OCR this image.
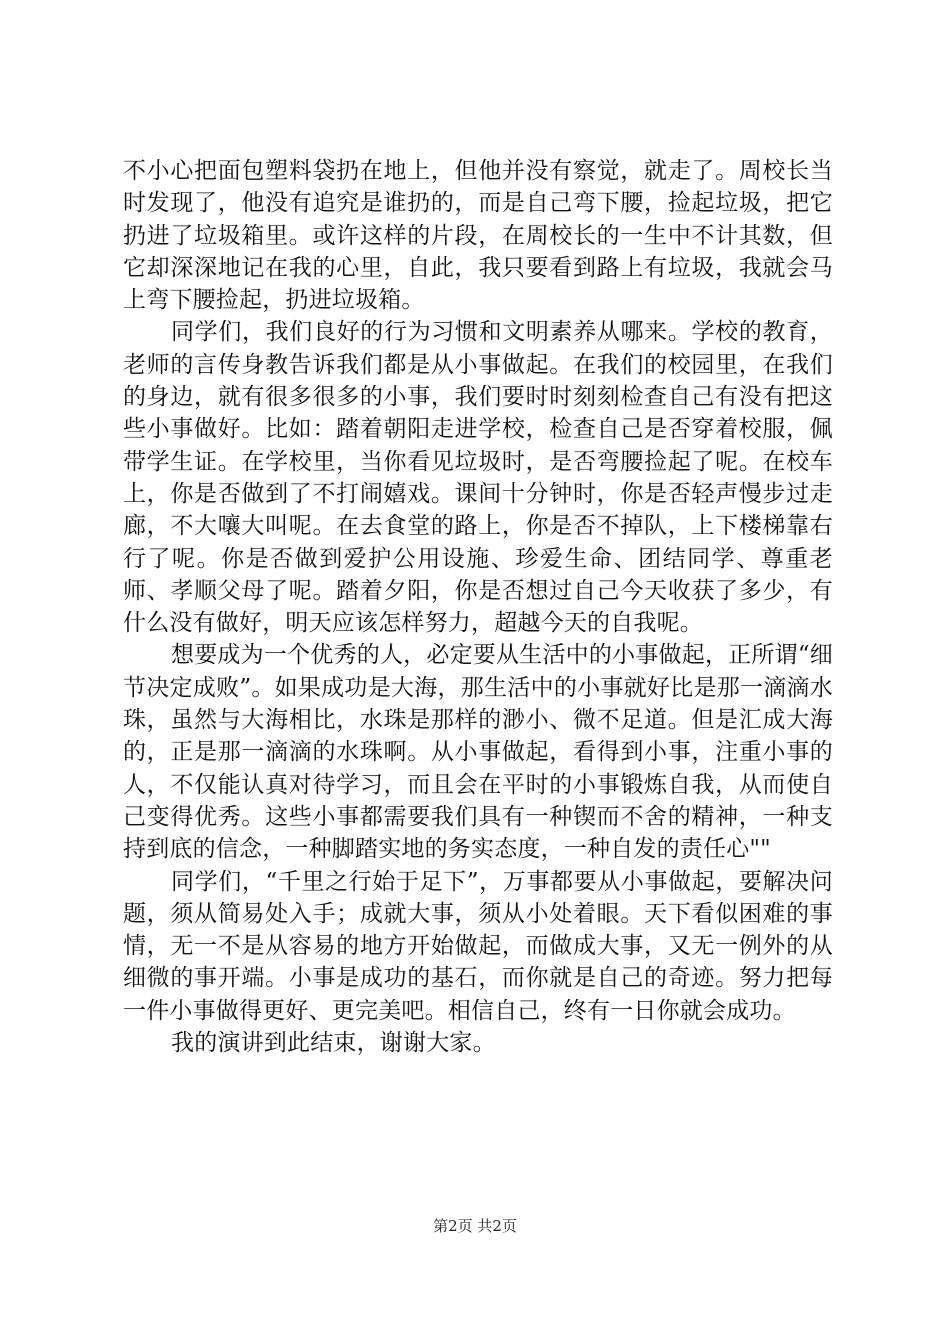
不小心把面包塑料袋扔在地上，但他并没有察觉，就走了。周校长当时发现了，他没有追究是谁扔的，而是自己弯下腰，捡起垃圾，把它扔进了垃圾箱里。或许这样的片段，在周校长的一生中不计其数，但它却深深地记在我的心里，自此，我只要看到路上有垃圾，我就会马上弯下腰捡起，扔进垃圾箱。

同学们，我们良好的行为习惯和文明素养从哪来。学校的教育，老师的言传身教告诉我们都是从小事做起。在我们的校园里，在我们的身边，就有很多很多的小事，我们要时时刻刻检查自己有没有把这些小事做好。比如：踏着朝阳走进学校，检查自己是否穿着校服，佩带学生证。在学校里，当你看见垃圾时，是否弯腰捡起了呢。在校车上，你是否做到了不打闹嬉戏。课间十分钟时，你是否轻声慢步过走廊，不大嚷大叫呢。在去食堂的路上，你是否不掉队，上下楼梯靠右行了呢。你是否做到爱护公用设施、珍爱生命、团结同学、尊重老师、孝顺父母了呢。踏着夕阳，你是否想过自己今天收获了多少，有什么没有做好，明天应该怎样努力，超越今天的自我呢。

想要成为一个优秀的人，必定要从生活中的小事做起，正所谓“细节决定成败”。如果成功是大海，那生活中的小事就好比是那一滴滴水珠，虽然与大海相比，水珠是那样的渺小、微不足道。但是汇成大海的，正是那一滴滴的水珠啊。从小事做起，看得到小事，注重小事的人，不仅能认真对待学习，而且会在平时的小事锻炼自我，从而使自己变得优秀。这些小事都需要我们具有一种锲而不舍的精神，一种支持到底的信念，一种脚踏实地的务实态度，一种自发的责任心""

同学们，“千里之行始于足下”，万事都要从小事做起，要解决问题，须从简易处入手；成就大事，须从小处着眼。天下看似困难的事情，无一不是从容易的地方开始做起，而做成大事，又无一例外的从细微的事开端。小事是成功的基石，而你就是自己的奇迹。努力把每一件小事做得更好、更完美吧。相信自己，终有一日你就会成功。

我的演讲到此结束，谢谢大家。

第2页 共2页
